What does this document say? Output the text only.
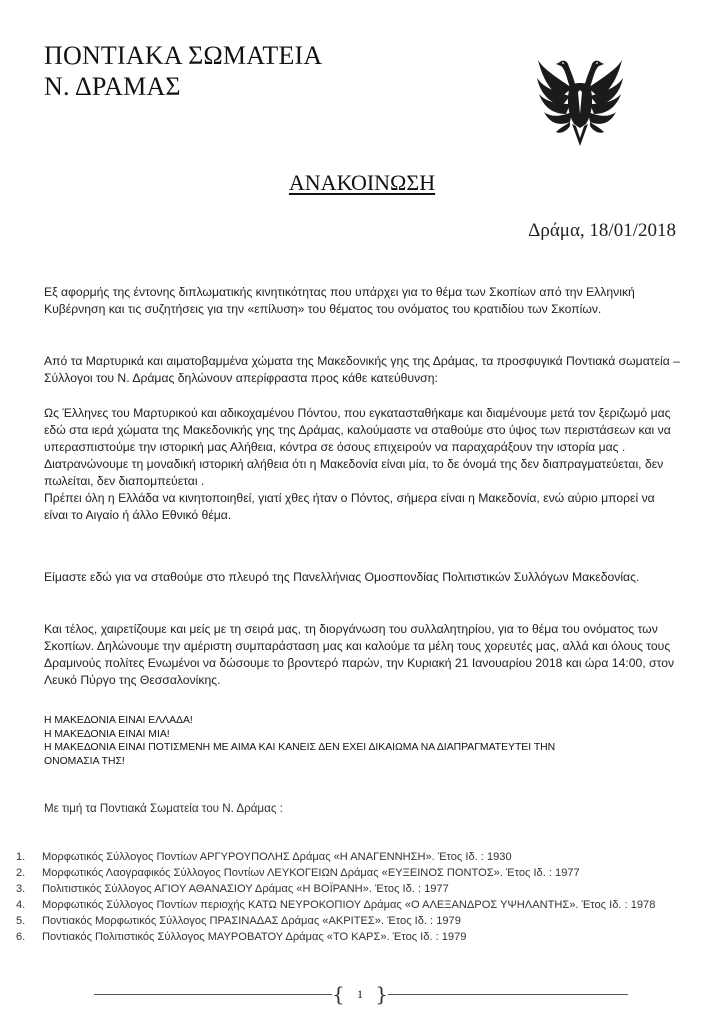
ΠΟΝΤΙΑΚΑ ΣΩΜΑΤΕΙΑ
Ν. ΔΡΑΜΑΣ
ΑΝΑΚΟΙΝΩΣΗ
Δράμα, 18/01/2018

Εξ αφορμής της έντονης διπλωματικής κινητικότητας που υπάρχει για το θέμα των Σκοπίων από την Ελληνική Κυβέρνηση και τις συζητήσεις για την «επίλυση» του θέματος του ονόματος του κρατιδίου των Σκοπίων.

Από τα Μαρτυρικά και αιματοβαμμένα χώματα της Μακεδονικής γης της Δράμας, τα προσφυγικά Ποντιακά σωματεία – Σύλλογοι του Ν. Δράμας δηλώνουν απερίφραστα προς κάθε κατεύθυνση:

Ως Έλληνες του Μαρτυρικού και αδικοχαμένου Πόντου, που εγκατασταθήκαμε και διαμένουμε μετά τον ξεριζωμό μας εδώ στα ιερά χώματα της Μακεδονικής γης της Δράμας, καλούμαστε να σταθούμε στο ύψος των περιστάσεων και να υπερασπιστούμε την ιστορική μας Αλήθεια, κόντρα σε όσους επιχειρούν να παραχαράξουν την ιστορία μας .

Διατρανώνουμε τη μοναδική ιστορική αλήθεια ότι η Μακεδονία είναι μία, το δε όνομά της δεν διαπραγματεύεται, δεν πωλείται, δεν διαπομπεύεται .

Πρέπει όλη η Ελλάδα να κινητοποιηθεί, γιατί χθες ήταν ο Πόντος, σήμερα είναι η Μακεδονία, ενώ αύριο μπορεί να είναι το Αιγαίο ή άλλο Εθνικό θέμα.

Είμαστε εδώ για να σταθούμε στο πλευρό της Πανελλήνιας Ομοσπονδίας Πολιτιστικών Συλλόγων Μακεδονίας.

Και τέλος, χαιρετίζουμε και μείς με τη σειρά μας, τη διοργάνωση του συλλαλητηρίου, για το θέμα του ονόματος των Σκοπίων. Δηλώνουμε την αμέριστη συμπαράσταση μας και καλούμε τα μέλη τους χορευτές μας, αλλά και όλους τους Δραμινούς πολίτες Ενωμένοι να δώσουμε το βροντερό παρών, την Κυριακή 21 Ιανουαρίου 2018 και ώρα 14:00, στον Λευκό Πύργο της Θεσσαλονίκης.

Η ΜΑΚΕΔΟΝΙΑ ΕΙΝΑΙ ΕΛΛΑΔΑ!
Η ΜΑΚΕΔΟΝΙΑ ΕΙΝΑΙ ΜΙΑ!
Η ΜΑΚΕΔΟΝΙΑ ΕΙΝΑΙ ΠΟΤΙΣΜΕΝΗ ΜΕ ΑΙΜΑ ΚΑΙ ΚΑΝΕΙΣ ΔΕΝ ΕΧΕΙ ΔΙΚΑΙΩΜΑ ΝΑ ΔΙΑΠΡΑΓΜΑΤΕΥΤΕΙ ΤΗΝ
ΟΝΟΜΑΣΙΑ ΤΗΣ!
Με τιμή τα Ποντιακά Σωματεία του Ν. Δράμας :
1.	Μορφωτικός Σύλλογος Ποντίων ΑΡΓΥΡΟΥΠΟΛΗΣ Δράμας «Η ΑΝΑΓΕΝΝΗΣΗ». Έτος Ιδ. : 1930
2.	Μορφωτικός Λαογραφικός Σύλλογος Ποντίων ΛΕΥΚΟΓΕΙΩΝ Δράμας «ΕΥΞΕΙΝΟΣ ΠΟΝΤΟΣ». Έτος Ιδ. : 1977
3.	Πολιτιστικός Σύλλογος ΑΓΙΟΥ ΑΘΑΝΑΣΙΟΥ Δράμας «Η ΒΟΪΡΑΝΗ». Έτος Ιδ. : 1977
4.	Μορφωτικός Σύλλογος Ποντίων περιοχής ΚΑΤΩ ΝΕΥΡΟΚΟΠΙΟΥ Δράμας «Ο ΑΛΕΞΑΝΔΡΟΣ ΥΨΗΛΑΝΤΗΣ». Έτος Ιδ. : 1978
5.	Ποντιακός Μορφωτικός Σύλλογος ΠΡΑΣΙΝΑΔΑΣ Δράμας «ΑΚΡΙΤΕΣ». Έτος Ιδ. : 1979
6.	Ποντιακός Πολιτιστικός Σύλλογος ΜΑΥΡΟΒΑΤΟΥ Δράμας «ΤΟ ΚΑΡΣ». Έτος Ιδ. : 1979
{ 1 }
